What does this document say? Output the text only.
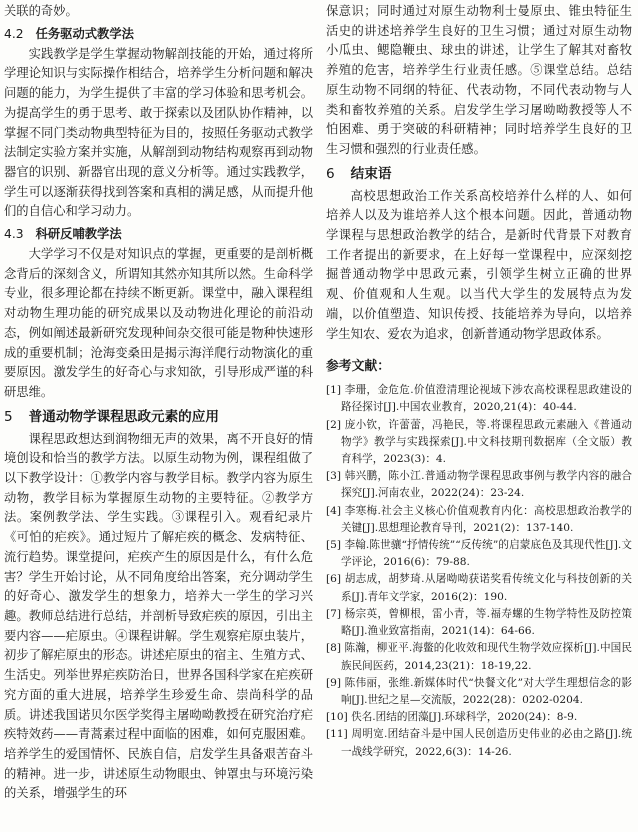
关联的奇妙。

4.2 任务驱动式教学法

实践教学是学生掌握动物解剖技能的开始，通过将所学理论知识与实际操作相结合，培养学生分析问题和解决问题的能力，为学生提供了丰富的学习体验和思考机会。为提高学生的勇于思考、敢于探索以及团队协作精神，以掌握不同门类动物典型特征为目的，按照任务驱动式教学法制定实验方案并实施，从解剖到动物结构观察再到动物器官的识别、新器官出现的意义分析等。通过实践教学，学生可以逐渐获得找到答案和真相的满足感，从而提升他们的自信心和学习动力。

4.3 科研反哺教学法

大学学习不仅是对知识点的掌握，更重要的是剖析概念背后的深刻含义，所谓知其然亦知其所以然。生命科学专业，很多理论都在持续不断更新。课堂中，融入课程组对动物生理功能的研究成果以及动物进化理论的前沿动态，例如阐述最新研究发现种间杂交很可能是物种快速形成的重要机制；沧海变桑田是揭示海洋爬行动物演化的重要原因。激发学生的好奇心与求知欲，引导形成严谨的科研思维。

5 普通动物学课程思政元素的应用

课程思政想达到润物细无声的效果，离不开良好的情境创设和恰当的教学方法。以原生动物为例，课程组做了以下教学设计：①教学内容与教学目标。教学内容为原生动物，教学目标为掌握原生动物的主要特征。②教学方法。案例教学法、学生实践。③课程引入。观看纪录片《可怕的疟疾》。通过短片了解疟疾的概念、发病特征、流行趋势。课堂提问，疟疾产生的原因是什么，有什么危害？学生开始讨论，从不同角度给出答案，充分调动学生的好奇心、激发学生的想象力，培养大一学生的学习兴趣。教师总结进行总结，并剖析导致疟疾的原因，引出主要内容——疟原虫。④课程讲解。学生观察疟原虫装片，初步了解疟原虫的形态。讲述疟原虫的宿主、生殖方式、生活史。列举世界疟疾防治日，世界各国科学家在疟疾研究方面的重大进展，培养学生珍爱生命、崇尚科学的品质。讲述我国诺贝尔医学奖得主屠呦呦教授在研究治疗疟疾特效药——青蒿素过程中面临的困难，如何克服困难。培养学生的爱国情怀、民族自信，启发学生具备艰苦奋斗的精神。进一步，讲述原生动物眼虫、钟罩虫与环境污染的关系，增强学生的环

保意识；同时通过对原生动物利士曼原虫、锥虫特征生活史的讲述培养学生良好的卫生习惯；通过对原生动物小瓜虫、鳃隐鞭虫、球虫的讲述，让学生了解其对畜牧养殖的危害，培养学生行业责任感。⑤课堂总结。总结原生动物不同纲的特征、代表动物，不同代表动物与人类和畜牧养殖的关系。启发学生学习屠呦呦教授等人不怕困难、勇于突破的科研精神；同时培养学生良好的卫生习惯和强烈的行业责任感。

6 结束语

高校思想政治工作关系高校培养什么样的人、如何培养人以及为谁培养人这个根本问题。因此，普通动物学课程与思想政治教学的结合，是新时代背景下对教育工作者提出的新要求，在上好每一堂课程中，应深刻挖掘普通动物学中思政元素，引领学生树立正确的世界观、价值观和人生观。以当代大学生的发展特点为发端，以价值塑造、知识传授、技能培养为导向，以培养学生知农、爱农为追求，创新普通动物学思政体系。

参考文献：

[1] 李珊，金危危.价值澄清理论视域下涉农高校课程思政建设的路径探讨[J].中国农业教育，2020,21(4)：40-44.

[2] 庞小钦，许蕾蕾，冯艳民，等.将课程思政元素融入《普通动物学》教学与实践探索[J].中文科技期刊数据库（全文版）教育科学，2023(3)：4.

[3] 韩兴鹏，陈小江.普通动物学课程思政事例与教学内容的融合探究[J].河南农业，2022(24)：23-24.

[4] 李寒梅.社会主义核心价值观教育内化：高校思想政治教学的关键[J].思想理论教育导刊，2021(2)：137-140.

[5] 李翰.陈世骧“抒情传统”“反传统”的启蒙底色及其现代性[J].文学评论，2016(6)：79-88.

[6] 胡志成，胡梦琦.从屠呦呦获诺奖看传统文化与科技创新的关系[J].青年文学家，2016(2)：190.

[7] 杨宗英，曾柳根，雷小青，等.福寿螺的生物学特性及防控策略[J].渔业致富指南，2021(14)：64-66.

[8] 陈瀚，柳亚平.海鳖的化收效和现代生物学效应探析[J].中国民族民间医药，2014,23(21)：18-19,22.

[9] 陈伟丽，张维.新媒体时代“快餐文化”对大学生理想信念的影响[J].世纪之星—交流版，2022(28)：0202-0204.

[10] 佚名.团结的团藻[J].环球科学，2020(24)：8-9.

[11] 周明宽.团结奋斗是中国人民创造历史伟业的必由之路[J].统一战线学研究，2022,6(3)：14-26.
